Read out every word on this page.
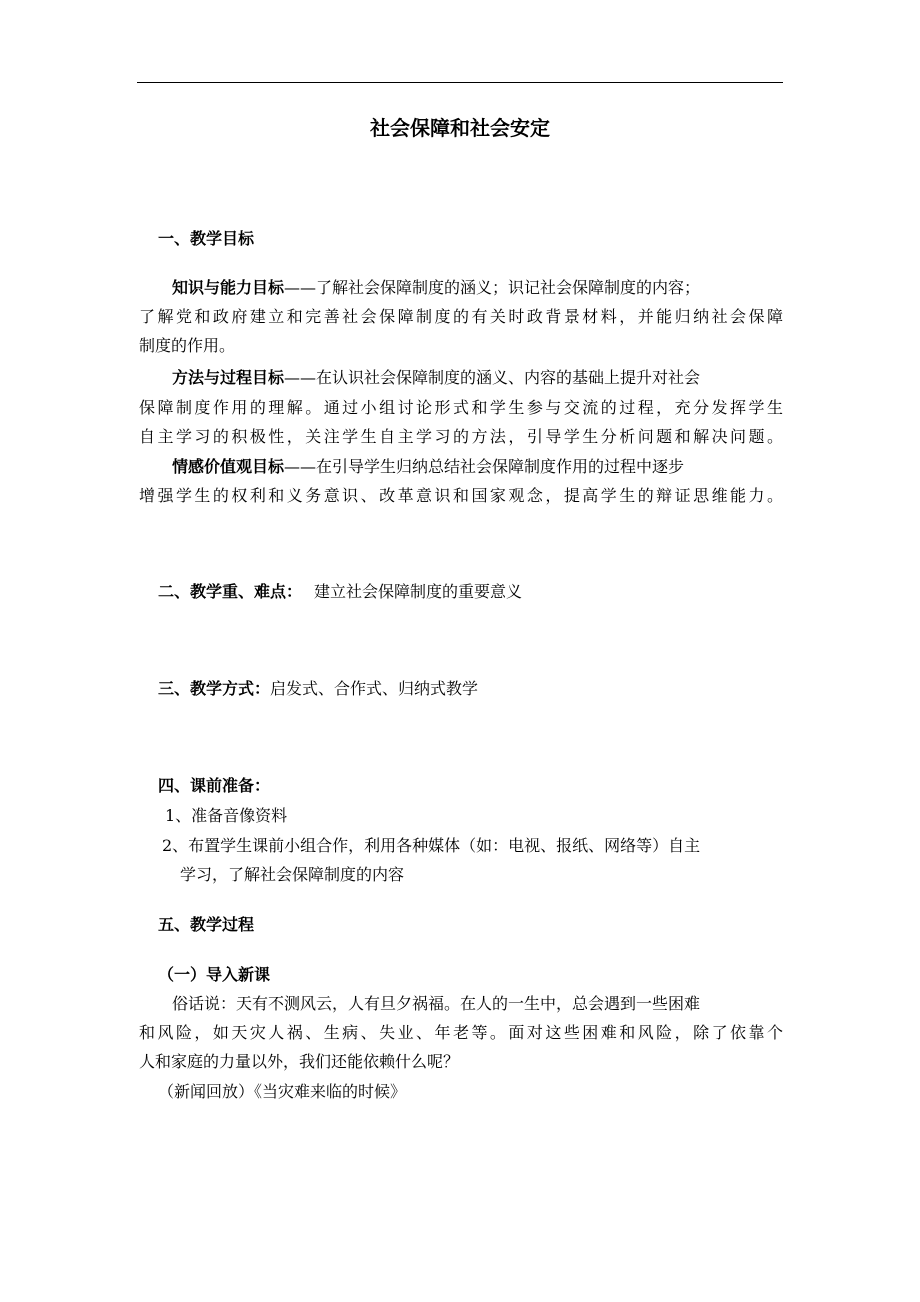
社会保障和社会安定
一、教学目标
知识与能力目标——了解社会保障制度的涵义；识记社会保障制度的内容；
了解党和政府建立和完善社会保障制度的有关时政背景材料，并能归纳社会保障
制度的作用。
方法与过程目标——在认识社会保障制度的涵义、内容的基础上提升对社会
保障制度作用的理解。通过小组讨论形式和学生参与交流的过程，充分发挥学生
自主学习的积极性，关注学生自主学习的方法，引导学生分析问题和解决问题。
情感价值观目标——在引导学生归纳总结社会保障制度作用的过程中逐步
增强学生的权利和义务意识、改革意识和国家观念，提高学生的辩证思维能力。
二、教学重、难点： 建立社会保障制度的重要意义
三、教学方式：启发式、合作式、归纳式教学
四、课前准备：
1、准备音像资料
2、布置学生课前小组合作，利用各种媒体（如：电视、报纸、网络等）自主
学习，了解社会保障制度的内容
五、教学过程
（一）导入新课
俗话说：天有不测风云，人有旦夕祸福。在人的一生中，总会遇到一些困难
和风险，如天灾人祸、生病、失业、年老等。面对这些困难和风险，除了依靠个
人和家庭的力量以外，我们还能依赖什么呢？
（新闻回放）《当灾难来临的时候》
